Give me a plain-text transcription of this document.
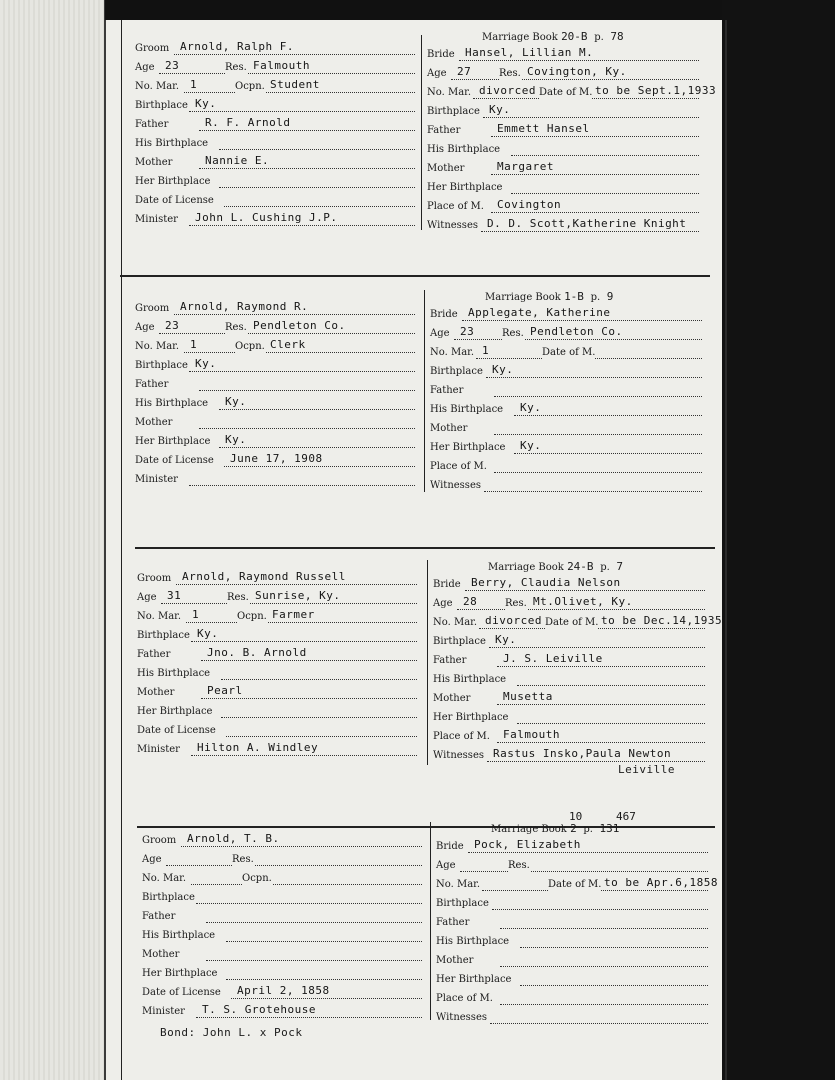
Groom Arnold, Ralph F.
Age 23	Res. Falmouth
No. Mar. 1	Ocpn. Student
Birthplace Ky.
Father	R. F. Arnold
His Birthplace
Mother	Nannie E.
Her Birthplace
Date of License
Minister John L. Cushing J.P.
Marriage Book 20-B p. 78
Bride Hansel, Lillian M.
Age 27	Res. Covington, Ky.
No. Mar. divorced Date of M. to be Sept.1,1933
Birthplace Ky.
Father	Emmett Hansel
His Birthplace
Mother	Margaret
Her Birthplace
Place of M. Covington
Witnesses D. D. Scott,Katherine Knight
Groom Arnold, Raymond R.
Age 23	Res. Pendleton Co.
No. Mar. 1	Ocpn. Clerk
Birthplace Ky.
Father
His Birthplace Ky.
Mother
Her Birthplace Ky.
Date of License June 17, 1908
Minister
Marriage Book 1-B p. 9
Bride Applegate, Katherine
Age 23	Res. Pendleton Co.
No. Mar. 1	Date of M.
Birthplace Ky.
Father
His Birthplace Ky.
Mother
Her Birthplace Ky.
Place of M.
Witnesses
Groom Arnold, Raymond Russell
Age 31	Res. Sunrise, Ky.
No. Mar. 1	Ocpn. Farmer
Birthplace Ky.
Father	Jno. B. Arnold
His Birthplace
Mother	Pearl
Her Birthplace
Date of License
Minister Hilton A. Windley
Marriage Book 24-B p. 7
Bride Berry, Claudia Nelson
Age 28	Res. Mt.Olivet, Ky.
No. Mar. divorced Date of M. to be Dec.14,1935
Birthplace Ky.
Father	J. S. Leiville
His Birthplace
Mother	Musetta
Her Birthplace
Place of M. Falmouth
Witnesses Rastus Insko,Paula Newton
Leiville
Groom Arnold, T. B.
Age	Res.
No. Mar.	Ocpn.
Birthplace
Father
His Birthplace
Mother
Her Birthplace
Date of License April 2, 1858
Minister T. S. Grotehouse
Marriage Book 2 p. 131
10	467
Bride Pock, Elizabeth
Age	Res.
No. Mar.	Date of M. to be Apr.6,1858
Birthplace
Father
His Birthplace
Mother
Her Birthplace
Place of M.
Witnesses
Bond: John L. x Pock
